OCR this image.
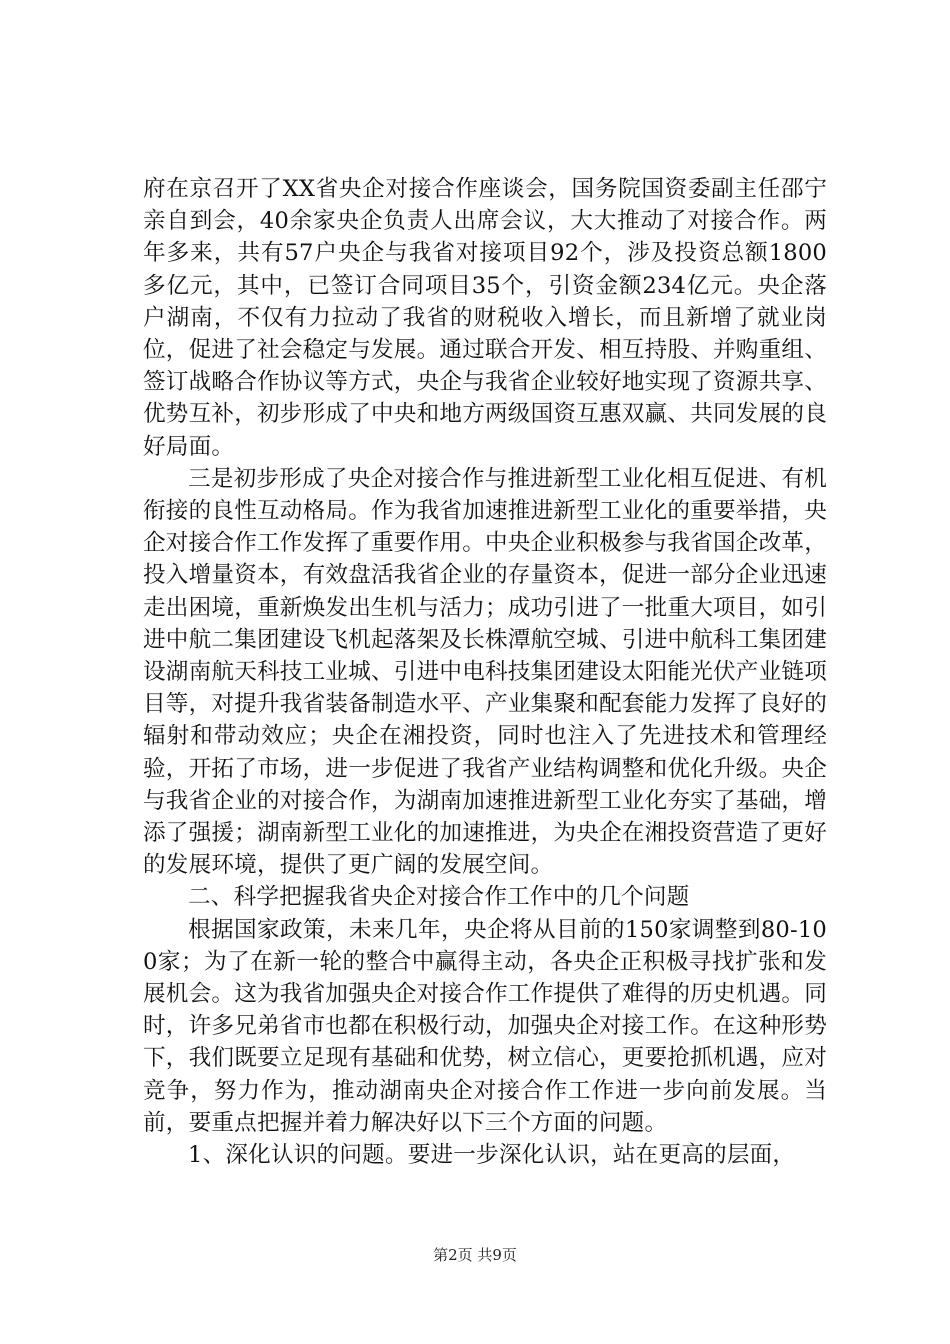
府在京召开了XX省央企对接合作座谈会，国务院国资委副主任邵宁亲自到会，40余家央企负责人出席会议，大大推动了对接合作。两年多来，共有57户央企与我省对接项目92个，涉及投资总额1800多亿元，其中，已签订合同项目35个，引资金额234亿元。央企落户湖南，不仅有力拉动了我省的财税收入增长，而且新增了就业岗位，促进了社会稳定与发展。通过联合开发、相互持股、并购重组、签订战略合作协议等方式，央企与我省企业较好地实现了资源共享、优势互补，初步形成了中央和地方两级国资互惠双赢、共同发展的良好局面。

三是初步形成了央企对接合作与推进新型工业化相互促进、有机衔接的良性互动格局。作为我省加速推进新型工业化的重要举措，央企对接合作工作发挥了重要作用。中央企业积极参与我省国企改革，投入增量资本，有效盘活我省企业的存量资本，促进一部分企业迅速走出困境，重新焕发出生机与活力；成功引进了一批重大项目，如引进中航二集团建设飞机起落架及长株潭航空城、引进中航科工集团建设湖南航天科技工业城、引进中电科技集团建设太阳能光伏产业链项目等，对提升我省装备制造水平、产业集聚和配套能力发挥了良好的辐射和带动效应；央企在湘投资，同时也注入了先进技术和管理经验，开拓了市场，进一步促进了我省产业结构调整和优化升级。央企与我省企业的对接合作，为湖南加速推进新型工业化夯实了基础，增添了强援；湖南新型工业化的加速推进，为央企在湘投资营造了更好的发展环境，提供了更广阔的发展空间。

二、科学把握我省央企对接合作工作中的几个问题

根据国家政策，未来几年，央企将从目前的150家调整到80-100家；为了在新一轮的整合中赢得主动，各央企正积极寻找扩张和发展机会。这为我省加强央企对接合作工作提供了难得的历史机遇。同时，许多兄弟省市也都在积极行动，加强央企对接工作。在这种形势下，我们既要立足现有基础和优势，树立信心，更要抢抓机遇，应对竞争，努力作为，推动湖南央企对接合作工作进一步向前发展。当前，要重点把握并着力解决好以下三个方面的问题。

1、深化认识的问题。要进一步深化认识，站在更高的层面，

第2页 共9页
